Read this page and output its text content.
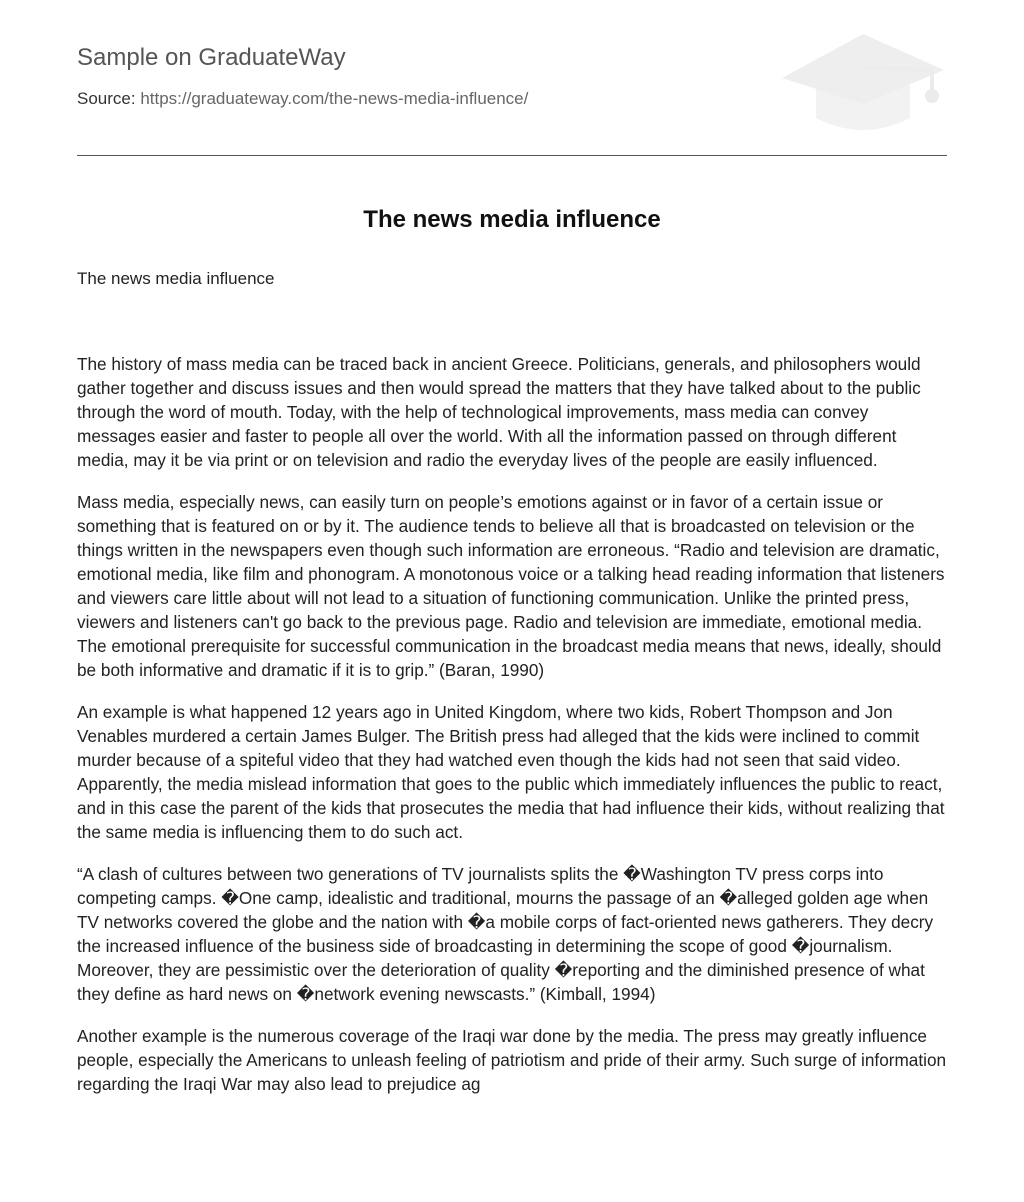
Sample on GraduateWay
Source: https://graduateway.com/the-news-media-influence/
The news media influence

The news media influence

The history of mass media can be traced back in ancient Greece. Politicians, generals, and philosophers would gather together and discuss issues and then would spread the matters that they have talked about to the public through the word of mouth. Today, with the help of technological improvements, mass media can convey messages easier and faster to people all over the world. With all the information passed on through different media, may it be via print or on television and radio the everyday lives of the people are easily influenced.

Mass media, especially news, can easily turn on people’s emotions against or in favor of a certain issue or something that is featured on or by it. The audience tends to believe all that is broadcasted on television or the things written in the newspapers even though such information are erroneous. “Radio and television are dramatic, emotional media, like film and phonogram. A monotonous voice or a talking head reading information that listeners and viewers care little about will not lead to a situation of functioning communication. Unlike the printed press, viewers and listeners can't go back to the previous page. Radio and television are immediate, emotional media. The emotional prerequisite for successful communication in the broadcast media means that news, ideally, should be both informative and dramatic if it is to grip.” (Baran, 1990)

An example is what happened 12 years ago in United Kingdom, where two kids, Robert Thompson and Jon Venables murdered a certain James Bulger. The British press had alleged that the kids were inclined to commit murder because of a spiteful video that they had watched even though the kids had not seen that said video. Apparently, the media mislead information that goes to the public which immediately influences the public to react, and in this case the parent of the kids that prosecutes the media that had influence their kids, without realizing that the same media is influencing them to do such act.

“A clash of cultures between two generations of TV journalists splits the �Washington TV press corps into competing camps. �One camp, idealistic and traditional, mourns the passage of an �alleged golden age when TV networks covered the globe and the nation with �a mobile corps of fact-oriented news gatherers. They decry the increased influence of the business side of broadcasting in determining the scope of good �journalism. Moreover, they are pessimistic over the deterioration of quality �reporting and the diminished presence of what they define as hard news on �network evening newscasts.” (Kimball, 1994)

Another example is the numerous coverage of the Iraqi war done by the media. The press may greatly influence people, especially the Americans to unleash feeling of patriotism and pride of their army. Such surge of information regarding the Iraqi War may also lead to prejudice ag
